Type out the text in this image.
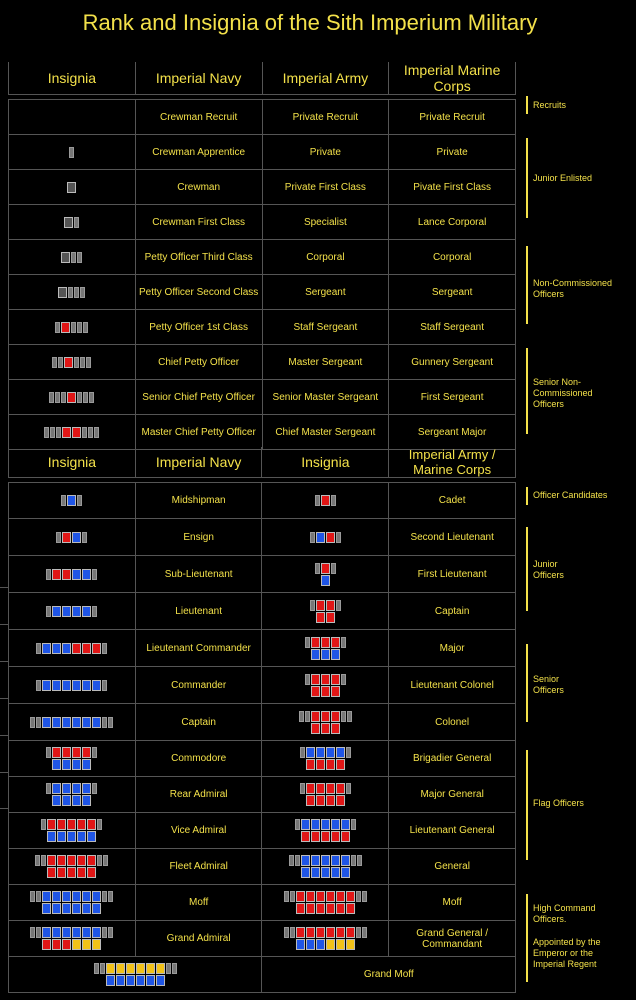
Rank and Insignia of the Sith Imperium Military
Insignia	Imperial Navy	Imperial Army	Imperial Marine Corps

	Crewman Recruit	Private Recruit	Private Recruit

	Crewman Apprentice	Private	Private

	Crewman	Private First Class	Pivate First Class

	Crewman First Class	Specialist	Lance Corporal

	Petty Officer Third Class	Corporal	Corporal

	Petty Officer Second Class	Sergeant	Sergeant

	Petty Officer 1st Class	Staff Sergeant	Staff Sergeant

	Chief Petty Officer	Master Sergeant	Gunnery Sergeant

	Senior Chief Petty Officer	Senior Master Sergeant	First Sergeant

	Master Chief Petty Officer	Chief Master Sergeant	Sergeant Major
Insignia	Imperial Navy	Insignia	Imperial Army / Marine Corps

	Midshipman		Cadet

	Ensign		Second Lieutenant

	Sub-Lieutenant		First Lieutenant

	Lieutenant		Captain

	Lieutenant Commander		Major

	Commander		Lieutenant Colonel

	Captain		Colonel

	Commodore		Brigadier General

	Rear Admiral		Major General

	Vice Admiral		Lieutenant General

	Fleet Admiral		General

	Moff		Moff

	Grand Admiral		Grand General / Commandant

		Grand Moff	
Recruits
Junior Enlisted
Non-Commissioned Officers
Senior Non-Commissioned Officers
Officer Candidates
Junior Officers
Senior Officers
Flag Officers
High Command Officers.
Appointed by the Emperor or the Imperial Regent
